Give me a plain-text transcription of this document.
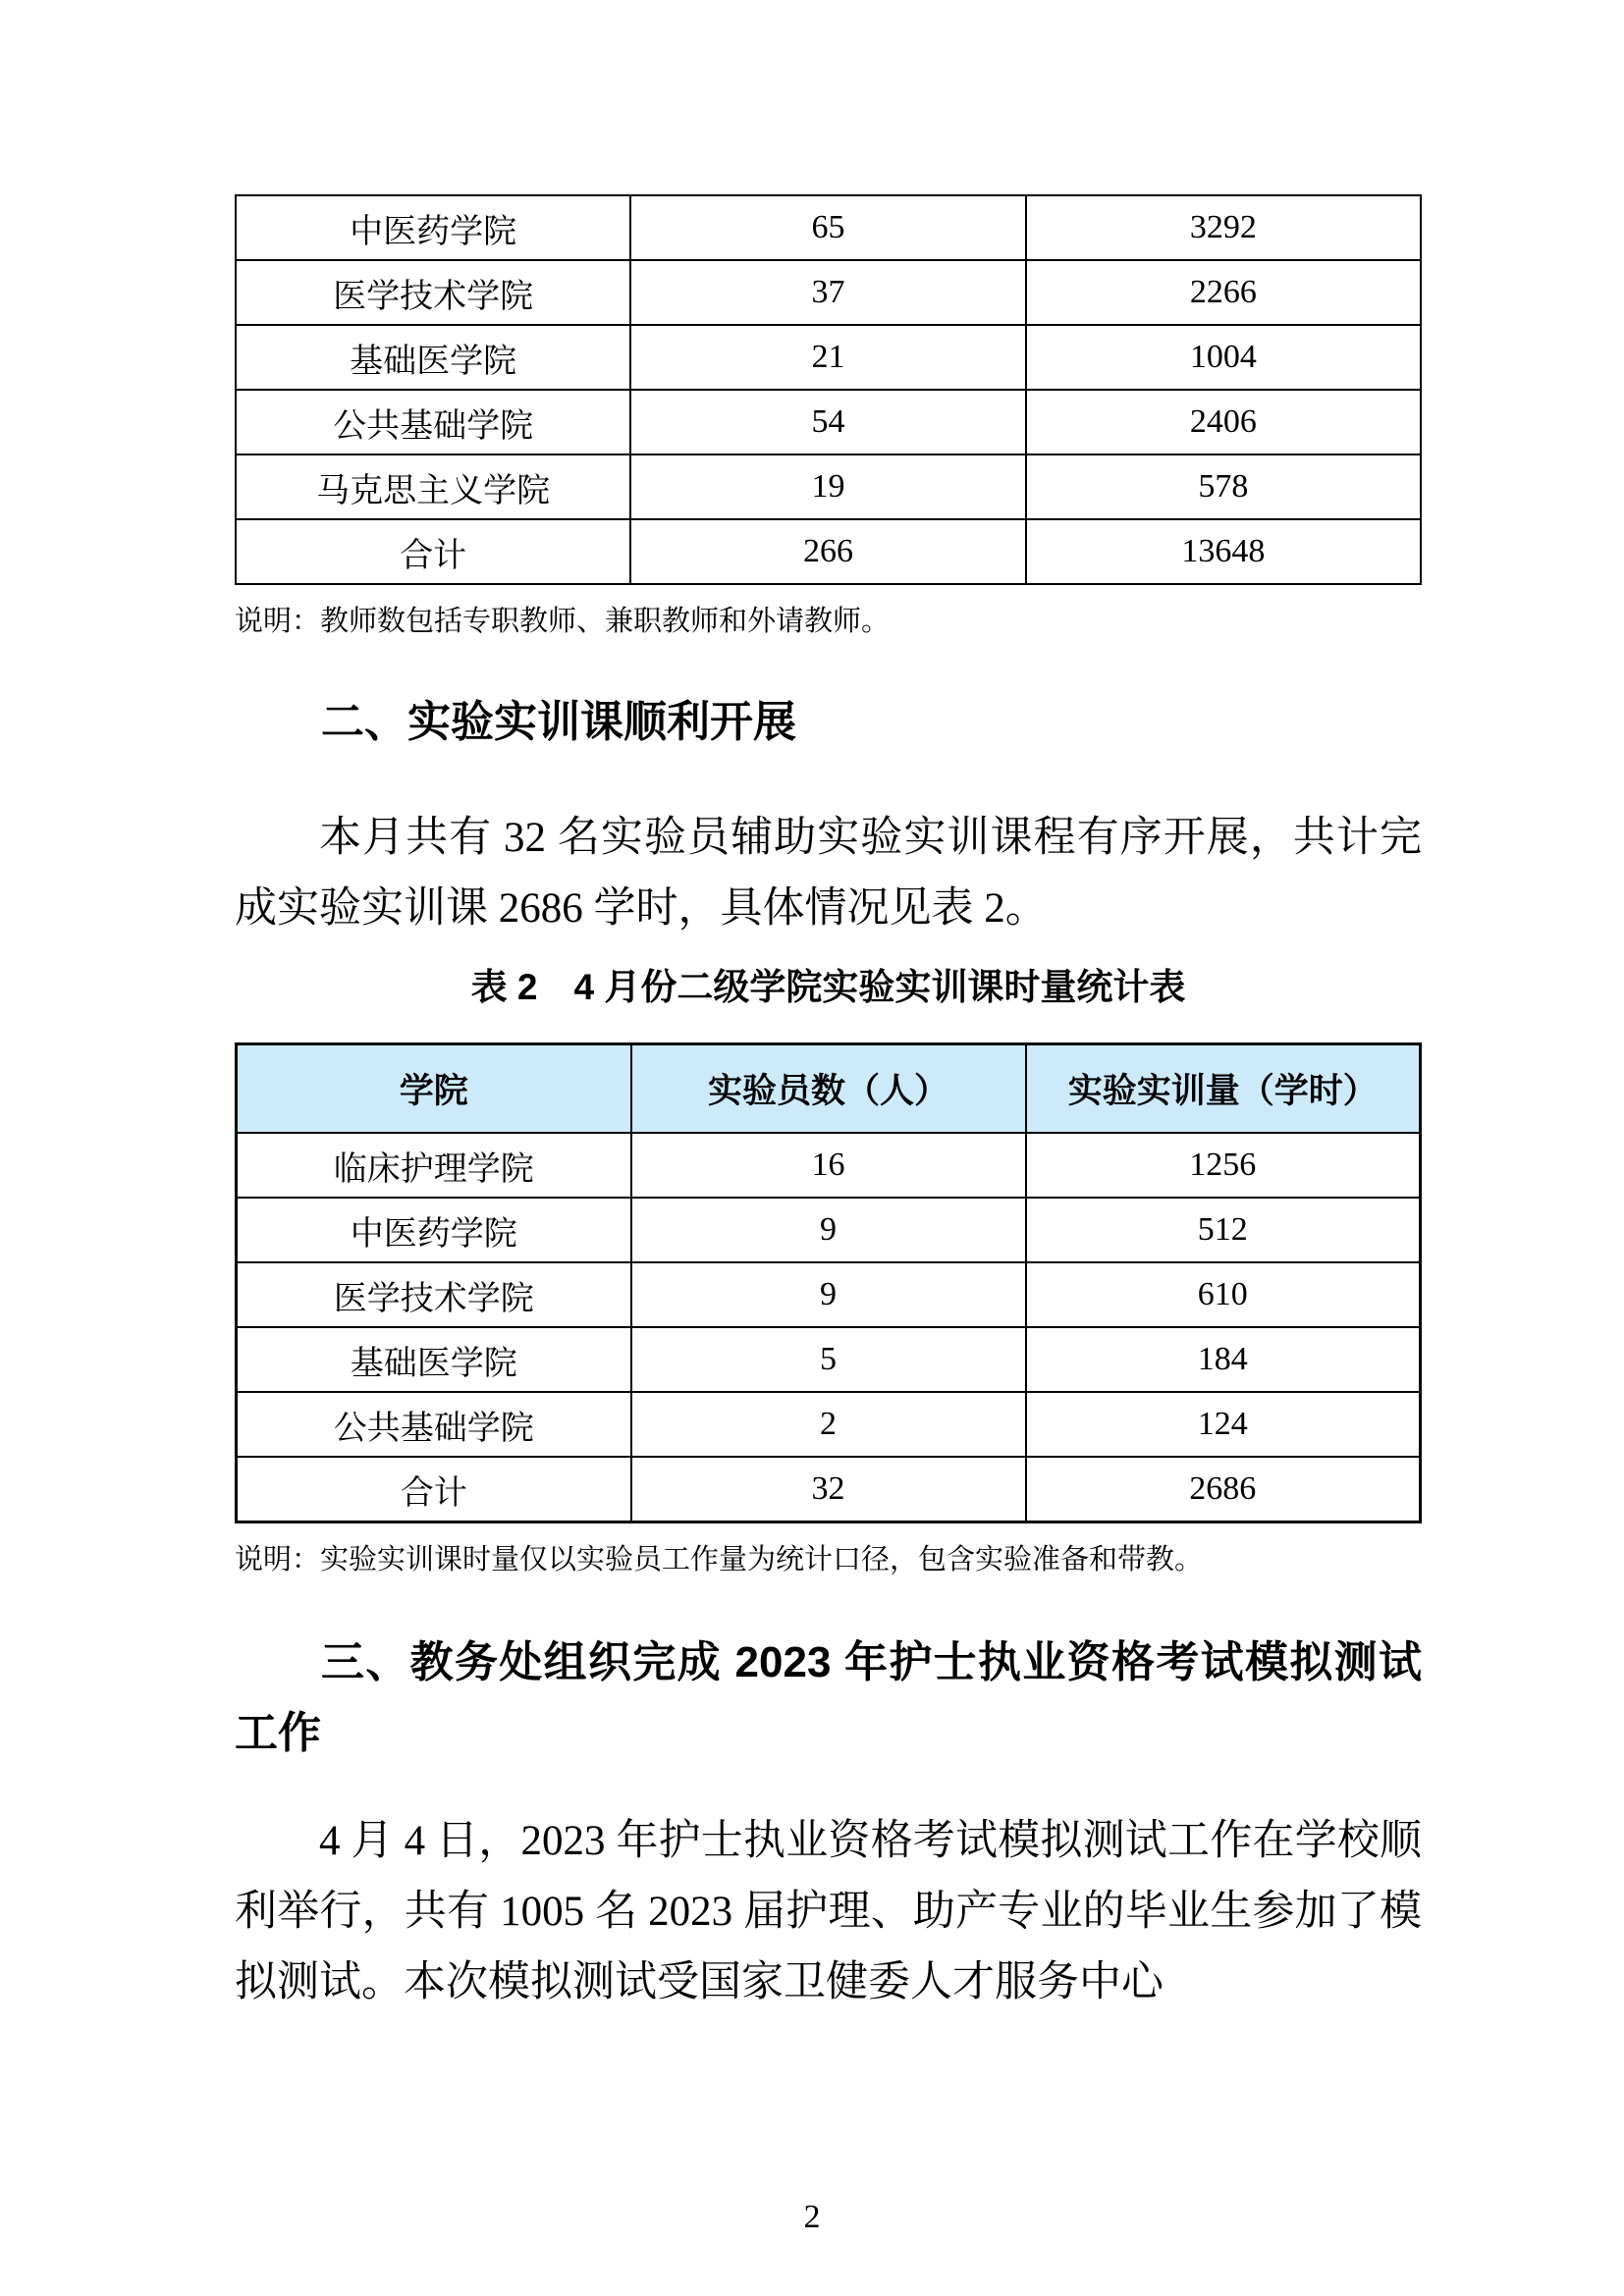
中医药学院	65	3292
医学技术学院	37	2266
基础医学院	21	1004
公共基础学院	54	2406
马克思主义学院	19	578
合计	266	13648
说明：教师数包括专职教师、兼职教师和外请教师。
二、实验实训课顺利开展
本月共有 32 名实验员辅助实验实训课程有序开展，共计完成实验实训课 2686 学时，具体情况见表 2。
表 2　4 月份二级学院实验实训课时量统计表
学院	实验员数（人）	实验实训量（学时）
临床护理学院	16	1256
中医药学院	9	512
医学技术学院	9	610
基础医学院	5	184
公共基础学院	2	124
合计	32	2686
说明：实验实训课时量仅以实验员工作量为统计口径，包含实验准备和带教。
三、教务处组织完成 2023 年护士执业资格考试模拟测试工作
4 月 4 日，2023 年护士执业资格考试模拟测试工作在学校顺利举行，共有 1005 名 2023 届护理、助产专业的毕业生参加了模拟测试。本次模拟测试受国家卫健委人才服务中心
2
